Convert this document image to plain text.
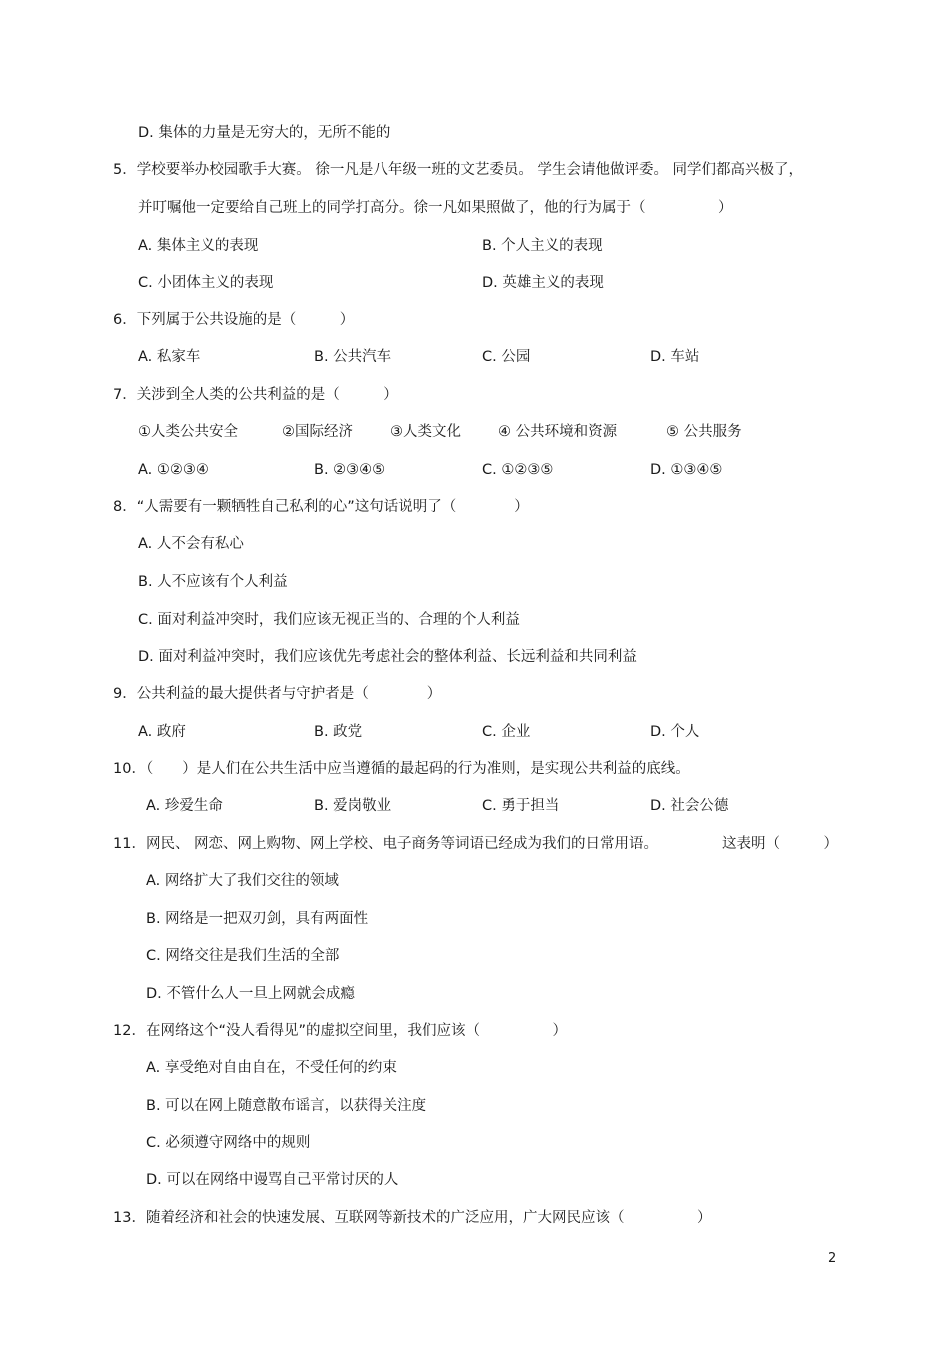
D. 集体的力量是无穷大的，无所不能的
5．学校要举办校园歌手大赛。 徐一凡是八年级一班的文艺委员。 学生会请他做评委。 同学们都高兴极了，
并叮嘱他一定要给自己班上的同学打高分。徐一凡如果照做了，他的行为属于（　　　　　）
A. 集体主义的表现	B. 个人主义的表现
C. 小团体主义的表现	D. 英雄主义的表现
6．下列属于公共设施的是（　　　）
A. 私家车	B. 公共汽车	C. 公园	D. 车站
7．关涉到全人类的公共利益的是（　　　）
①人类公共安全	②国际经济	③人类文化	④ 公共环境和资源	⑤ 公共服务
A. ①②③④	B. ②③④⑤	C. ①②③⑤	D. ①③④⑤
8．“人需要有一颗牺牲自己私利的心”这句话说明了（　　　　）
A. 人不会有私心
B. 人不应该有个人利益
C. 面对利益冲突时，我们应该无视正当的、合理的个人利益
D. 面对利益冲突时，我们应该优先考虑社会的整体利益、长远利益和共同利益
9．公共利益的最大提供者与守护者是（　　　　）
A. 政府	B. 政党	C. 企业	D. 个人
10．（　　）是人们在公共生活中应当遵循的最起码的行为准则，是实现公共利益的底线。
A. 珍爱生命	B. 爱岗敬业	C. 勇于担当	D. 社会公德
11．网民、 网恋、网上购物、网上学校、电子商务等词语已经成为我们的日常用语。	这表明（　　　）
A. 网络扩大了我们交往的领域
B. 网络是一把双刃剑，具有两面性
C. 网络交往是我们生活的全部
D. 不管什么人一旦上网就会成瘾
12．在网络这个“没人看得见”的虚拟空间里，我们应该（　　　　　）
A. 享受绝对自由自在，不受任何的约束
B. 可以在网上随意散布谣言，以获得关注度
C. 必须遵守网络中的规则
D. 可以在网络中谩骂自己平常讨厌的人
13．随着经济和社会的快速发展、互联网等新技术的广泛应用，广大网民应该（　　　　　）
2
